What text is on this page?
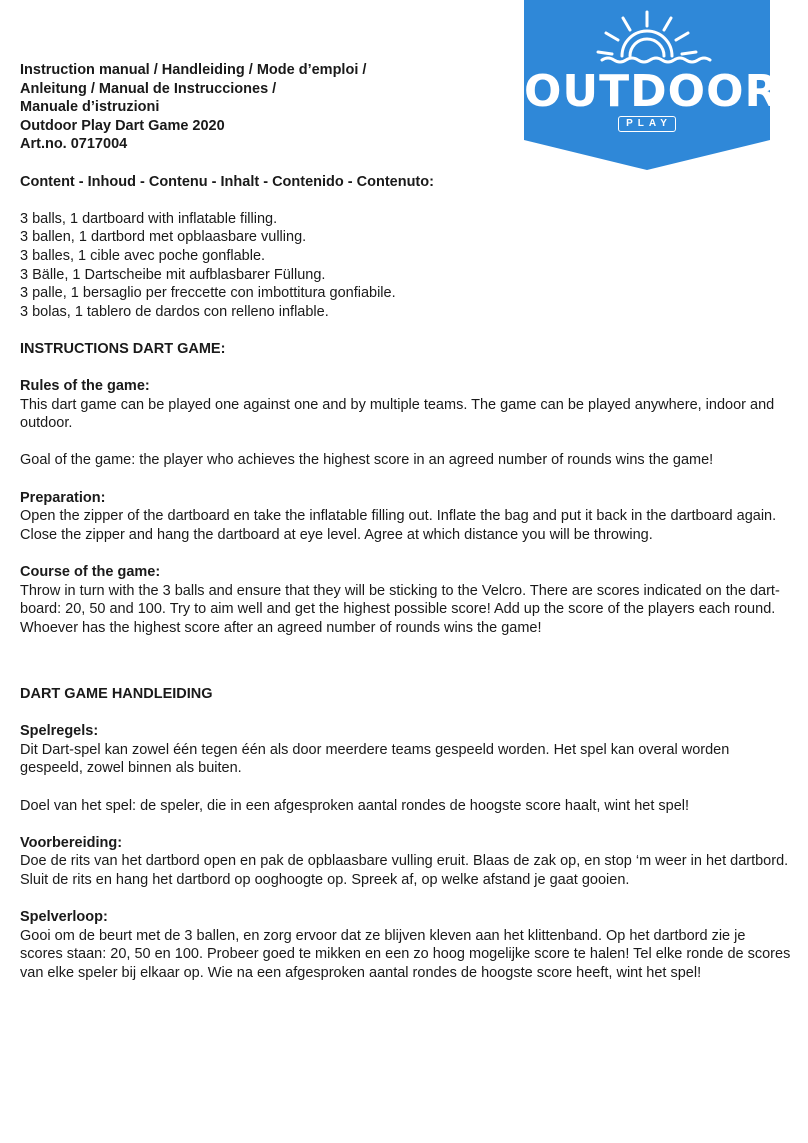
OUTDOOR
PLAY

Instruction manual / Handleiding / Mode d’emploi /

Anleitung / Manual de Instrucciones /

Manuale d’istruzioni

Outdoor Play Dart Game 2020

Art.no. 0717004

Content - Inhoud - Contenu - Inhalt - Contenido - Contenuto:

3 balls, 1 dartboard with inflatable filling.

3 ballen, 1 dartbord met opblaasbare vulling.

3 balles, 1 cible avec poche gonflable.

3 Bälle, 1 Dartscheibe mit aufblasbarer Füllung.

3 palle, 1 bersaglio per freccette con imbottitura gonfiabile.

3 bolas, 1 tablero de dardos con relleno inflable.

INSTRUCTIONS DART GAME:

Rules of the game:

This dart game can be played one against one and by multiple teams. The game can be played anywhere, indoor and outdoor.

Goal of the game: the player who achieves the highest score in an agreed number of rounds wins the game!

Preparation:

Open the zipper of the dartboard en take the inflatable filling out. Inflate the bag and put it back in the dartboard again. Close the zipper and hang the dartboard at eye level. Agree at which distance you will be throwing.

Course of the game:

Throw in turn with the 3 balls and ensure that they will be sticking to the Velcro. There are scores indicated on the dart-board: 20, 50 and 100. Try to aim well and get the highest possible score! Add up the score of the players each round. Whoever has the highest score after an agreed number of rounds wins the game!

DART GAME HANDLEIDING

Spelregels:

Dit Dart-spel kan zowel één tegen één als door meerdere teams gespeeld worden. Het spel kan overal worden gespeeld, zowel binnen als buiten.

Doel van het spel: de speler, die in een afgesproken aantal rondes de hoogste score haalt, wint het spel!

Voorbereiding:

Doe de rits van het dartbord open en pak de opblaasbare vulling eruit. Blaas de zak op, en stop ‘m weer in het dartbord. Sluit de rits en hang het dartbord op ooghoogte op. Spreek af, op welke afstand je gaat gooien.

Spelverloop:

Gooi om de beurt met de 3 ballen, en zorg ervoor dat ze blijven kleven aan het klittenband. Op het dartbord zie je scores staan: 20, 50 en 100. Probeer goed te mikken en een zo hoog mogelijke score te halen! Tel elke ronde de scores van elke speler bij elkaar op. Wie na een afgesproken aantal rondes de hoogste score heeft, wint het spel!
